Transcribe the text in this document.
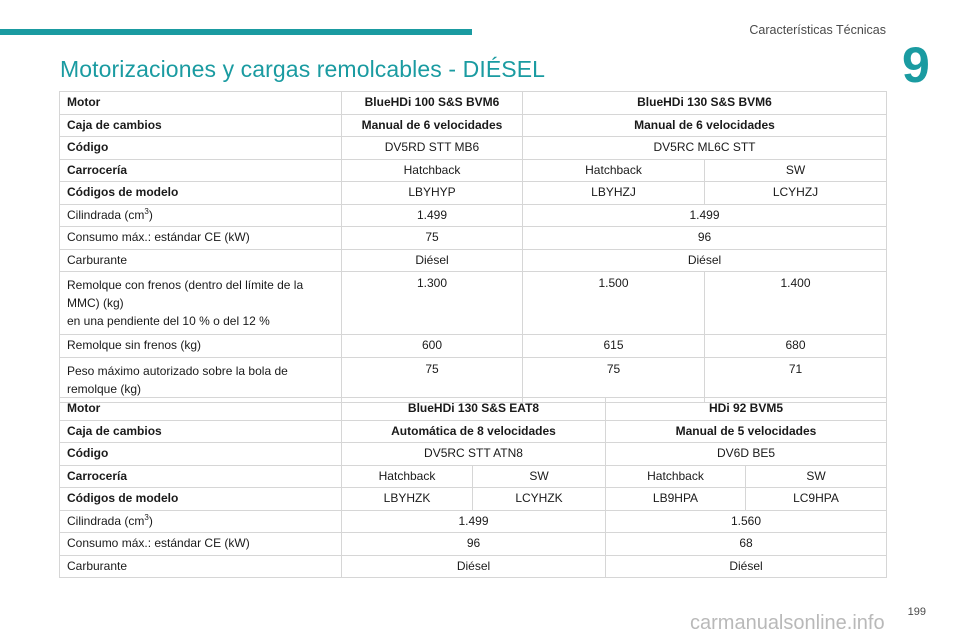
Características Técnicas
9
Motorizaciones y cargas remolcables - DIÉSEL
Motor	BlueHDi 100 S&S BVM6	BlueHDi 130 S&S BVM6	
Caja de cambios	Manual de 6 velocidades	Manual de 6 velocidades	
Código	DV5RD STT MB6	DV5RC ML6C STT	
Carrocería	Hatchback	Hatchback	SW
Códigos de modelo	LBYHYP	LBYHZJ	LCYHZJ
Cilindrada $(cm^3)$	1.499	1.499	
Consumo máx.: estándar CE (kW)	75	96	
Carburante	Diésel	Diésel	

Remolque con frenos (dentro del límite de la
MMC) (kg)
en una pendiente del 10 % o del 12 %	1.300	1.500	1.400
Remolque sin frenos (kg)	600	615	680

Peso máximo autorizado sobre la bola de
remolque (kg)	75	75	71
Motor	BlueHDi 130 S&S EAT8		HDi 92 BVM5	
Caja de cambios	Automática de 8 velocidades		Manual de 5 velocidades	
Código	DV5RC STT ATN8		DV6D BE5	
Carrocería	Hatchback	SW	Hatchback	SW
Códigos de modelo	LBYHZK	LCYHZK	LB9HPA	LC9HPA
Cilindrada $(cm^3)$	1.499		1.560	
Consumo máx.: estándar CE (kW)	96		68	
Carburante	Diésel		Diésel	
carmanualsonline.info 199
